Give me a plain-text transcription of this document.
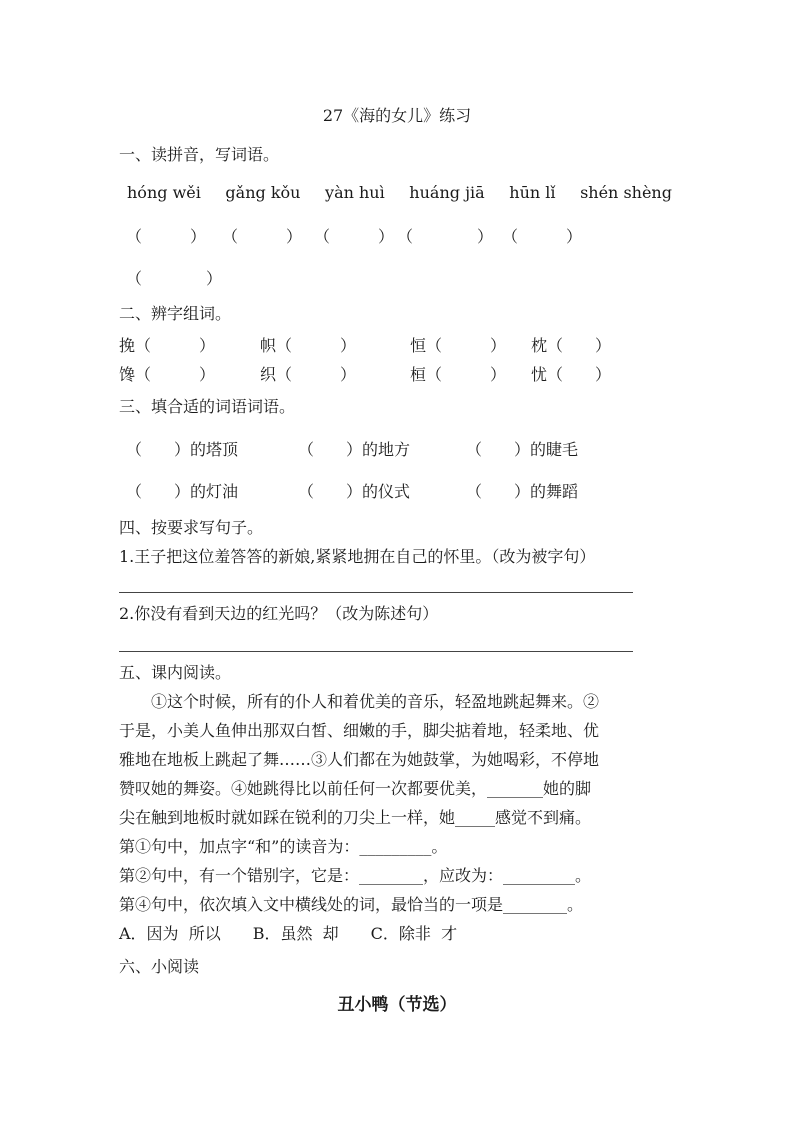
27《海的女儿》练习
一、读拼音，写词语。
hóng wěi gǎng kǒu yàn huì huáng jiā hūn lǐ shén shèng
（　　　） （　　　） （　　　） （　　　　） （　　　）
（　　　　）
二、辨字组词。
挽（　　　）	帜（　　　）	恒（　　　） 枕（　　）
馋（　　　）	织（　　　）	桓（　　　） 忧（　　）
三、填合适的词语词语。
（　　）的塔顶	（　　）的地方	（　　）的睫毛
（　　）的灯油	（　　）的仪式	（　　）的舞蹈
四、按要求写句子。
1.王子把这位羞答答的新娘,紧紧地拥在自己的怀里。（改为被字句）
2.你没有看到天边的红光吗？（改为陈述句）
五、课内阅读。

　　①这个时候，所有的仆人和着优美的音乐，轻盈地跳起舞来。②

于是，小美人鱼伸出那双白皙、细嫩的手，脚尖掂着地，轻柔地、优

雅地在地板上跳起了舞……③人们都在为她鼓掌，为她喝彩，不停地

赞叹她的舞姿。④她跳得比以前任何一次都要优美，_______她的脚

尖在触到地板时就如踩在锐利的刀尖上一样，她_____感觉不到痛。

第①句中，加点字“和”的读音为：_________。

第②句中，有一个错别字，它是：________，应改为：_________。

第④句中，依次填入文中横线处的词，最恰当的一项是________。

A．因为  所以　　B．虽然  却　　C．除非  才

六、小阅读
丑小鸭（节选）
